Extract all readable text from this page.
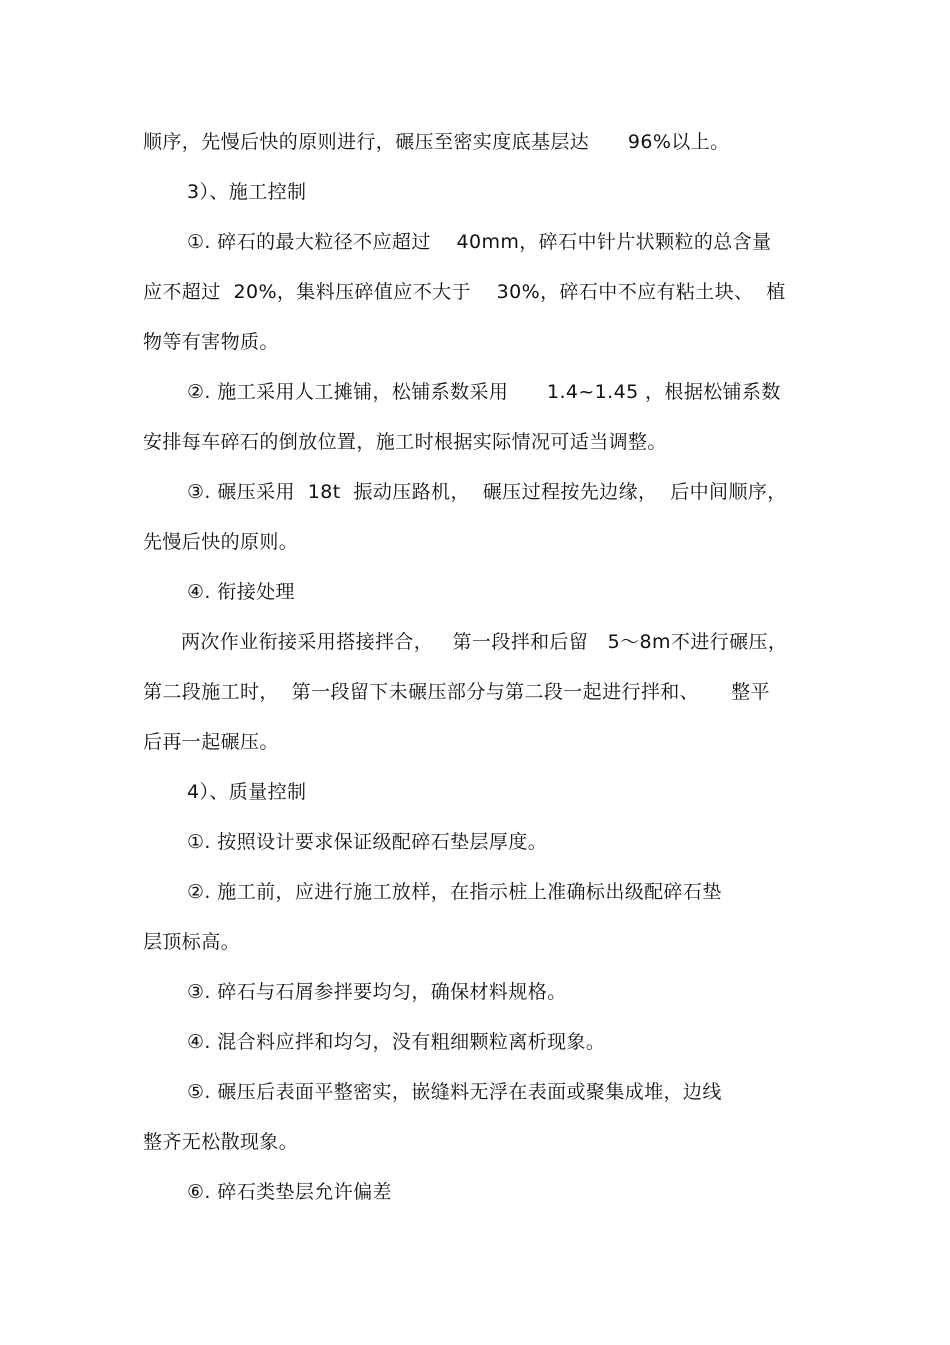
顺序，先慢后快的原则进行，碾压至密实度底基层达      96%以上。
3）、施工控制
①. 碎石的最大粒径不应超过    40mm，碎石中针片状颗粒的总含量
应不超过  20%，集料压碎值应不大于    30%，碎石中不应有粘土块、  植
物等有害物质。
②. 施工采用人工摊铺，松铺系数采用      1.4~1.45 ，根据松铺系数
安排每车碎石的倒放位置，施工时根据实际情况可适当调整。
③. 碾压采用  18t  振动压路机，  碾压过程按先边缘，  后中间顺序，
先慢后快的原则。
④. 衔接处理
两次作业衔接采用搭接拌合，   第一段拌和后留   5～8m不进行碾压，
第二段施工时，  第一段留下未碾压部分与第二段一起进行拌和、     整平
后再一起碾压。
4）、质量控制
①. 按照设计要求保证级配碎石垫层厚度。
②. 施工前，应进行施工放样，在指示桩上准确标出级配碎石垫
层顶标高。
③. 碎石与石屑参拌要均匀，确保材料规格。
④. 混合料应拌和均匀，没有粗细颗粒离析现象。
⑤. 碾压后表面平整密实，嵌缝料无浮在表面或聚集成堆，边线
整齐无松散现象。
⑥. 碎石类垫层允许偏差
